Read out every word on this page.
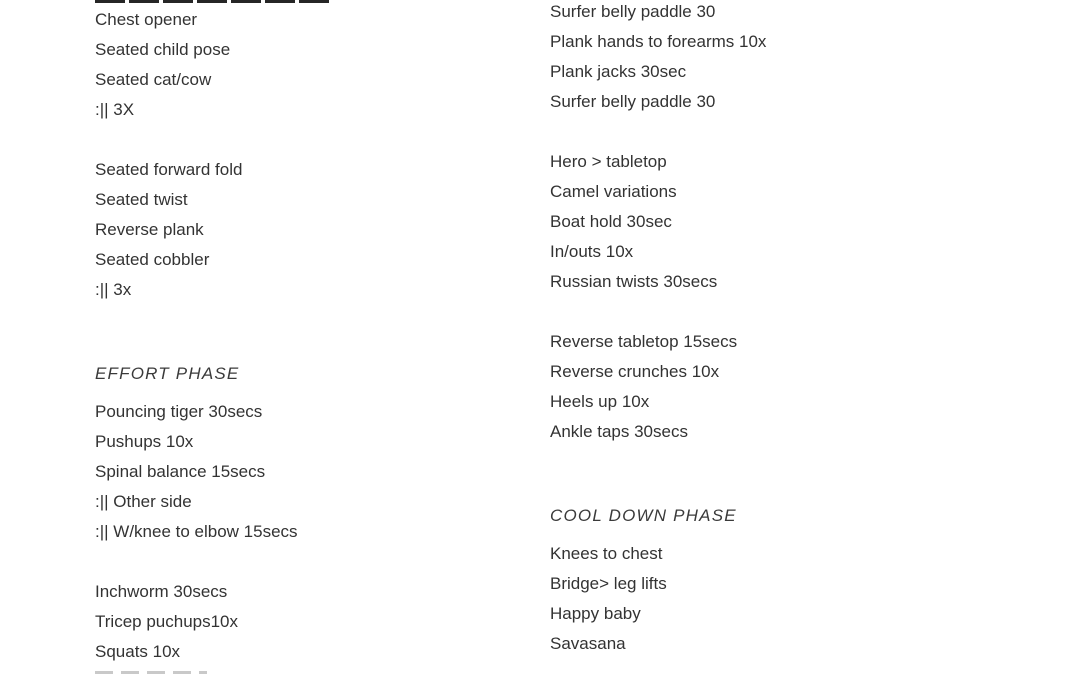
Chest opener
Seated child pose
Seated cat/cow
:|| 3X
Seated forward fold
Seated twist
Reverse plank
Seated cobbler
:|| 3x
EFFORT PHASE
Pouncing tiger 30secs
Pushups 10x
Spinal balance 15secs
:|| Other side
:|| W/knee to elbow 15secs
Inchworm 30secs
Tricep puchups10x
Squats 10x
Surfer belly paddle 30
Plank hands to forearms 10x
Plank jacks 30sec
Surfer belly paddle 30
Hero > tabletop
Camel variations
Boat hold 30sec
In/outs 10x
Russian twists 30secs
Reverse tabletop 15secs
Reverse crunches 10x
Heels up 10x
Ankle taps 30secs
COOL DOWN PHASE
Knees to chest
Bridge> leg lifts
Happy baby
Savasana
